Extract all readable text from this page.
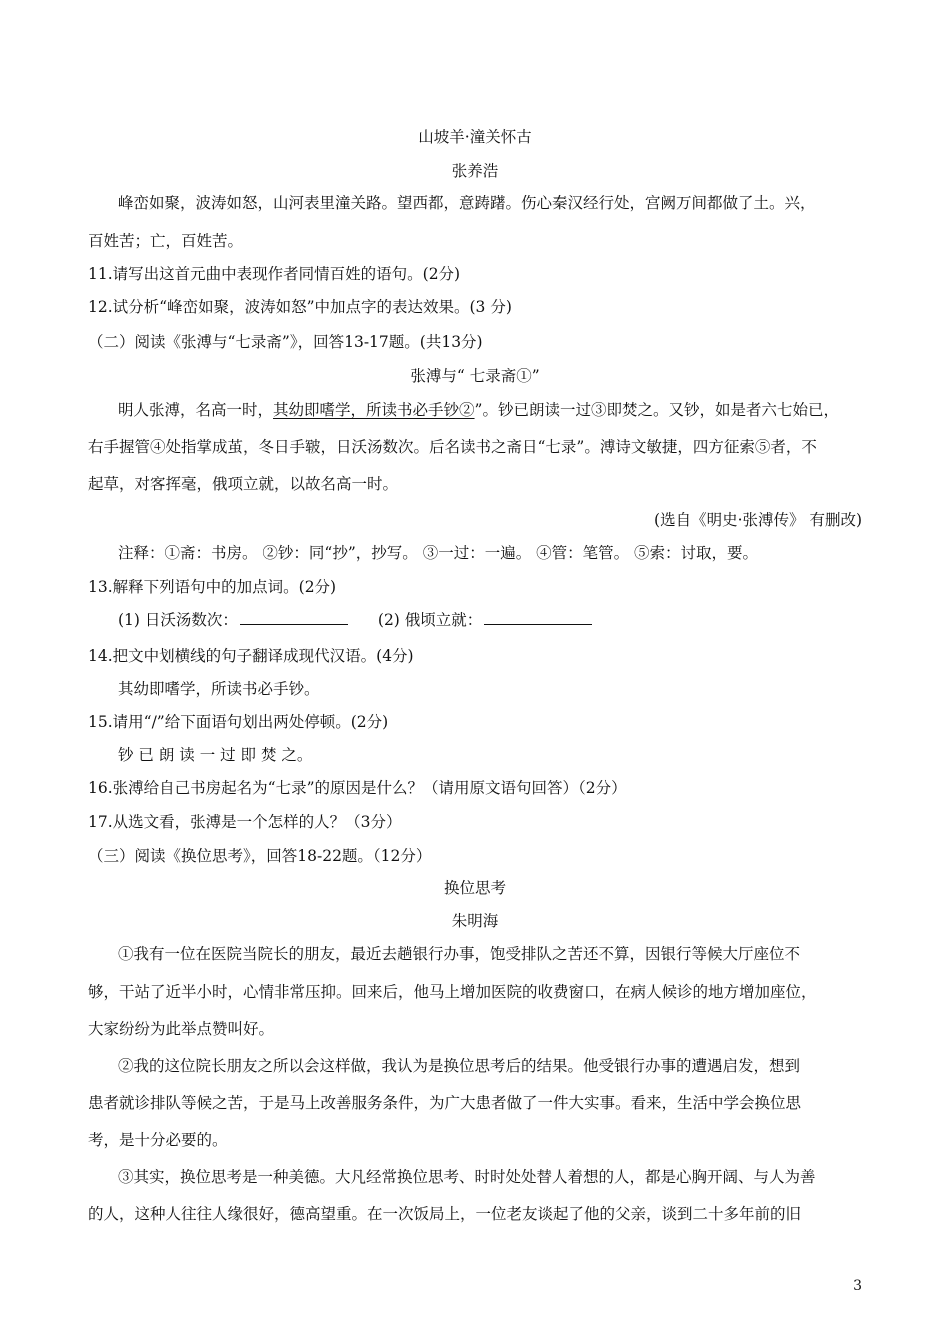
山坡羊·潼关怀古
张养浩
峰峦如聚，波涛如怒，山河表里潼关路。望西都，意踌躇。伤心秦汉经行处，宫阙万间都做了土。兴，
百姓苦；亡，百姓苦。
11.请写出这首元曲中表现作者同情百姓的语句。(2分)
12.试分析“峰峦如聚，波涛如怒”中加点字的表达效果。(3 分)
（二）阅读《张溥与“七录斋”》，回答13-17题。(共13分)
张溥与“ 七录斋①”
明人张溥，名高一时，其幼即嗜学，所读书必手钞②”。钞已朗读一过③即焚之。又钞，如是者六七始已，
右手握管④处指掌成茧，冬日手皲，日沃汤数次。后名读书之斋日“七录”。溥诗文敏捷，四方征索⑤者，不
起草，对客挥毫，俄项立就，以故名高一时。
(选自《明史·张溥传》 有删改)
注释：①斋：书房。 ②钞：同“抄”，抄写。 ③一过：一遍。 ④管：笔管。 ⑤索：讨取，要。
13.解释下列语句中的加点词。(2分)
(1) 日沃汤数次：	(2) 俄顷立就：
14.把文中划横线的句子翻译成现代汉语。(4分)
其幼即嗜学，所读书必手钞。
15.请用“/”给下面语句划出两处停顿。(2分)
钞 已 朗 读 一 过 即 焚 之。
16.张溥给自己书房起名为“七录”的原因是什么？（请用原文语句回答）（2分）
17.从选文看，张溥是一个怎样的人？（3分）
（三）阅读《换位思考》，回答18-22题。（12分）
换位思考
朱明海
①我有一位在医院当院长的朋友，最近去趟银行办事，饱受排队之苦还不算，因银行等候大厅座位不
够，干站了近半小时，心情非常压抑。回来后，他马上增加医院的收费窗口，在病人候诊的地方增加座位，
大家纷纷为此举点赞叫好。
②我的这位院长朋友之所以会这样做，我认为是换位思考后的结果。他受银行办事的遭遇启发，想到
患者就诊排队等候之苦，于是马上改善服务条件，为广大患者做了一件大实事。看来，生活中学会换位思
考，是十分必要的。
③其实，换位思考是一种美德。大凡经常换位思考、时时处处替人着想的人，都是心胸开阔、与人为善
的人，这种人往往人缘很好，德高望重。在一次饭局上，一位老友谈起了他的父亲，谈到二十多年前的旧
3
